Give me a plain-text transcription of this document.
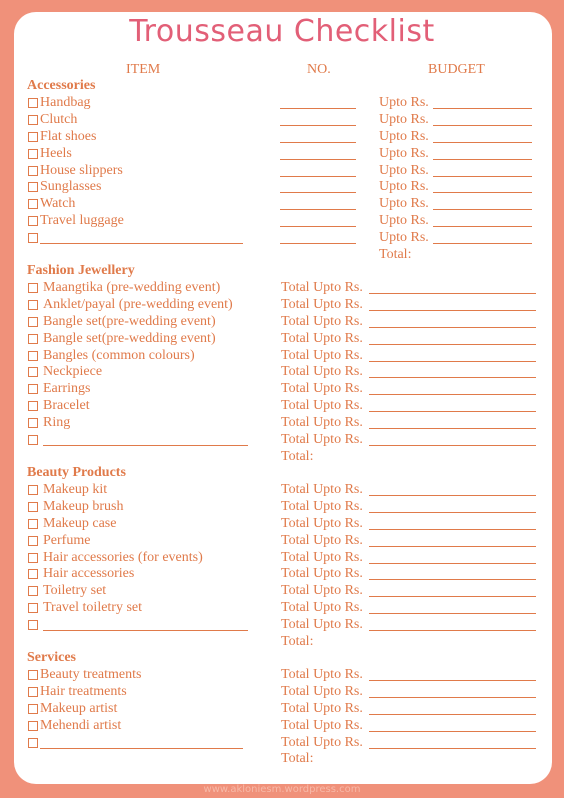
Trousseau Checklist
ITEM	NO.	BUDGET
Accessories
Handbag	Upto Rs.
Clutch	Upto Rs.
Flat shoes	Upto Rs.
Heels	Upto Rs.
House slippers	Upto Rs.
Sunglasses	Upto Rs.
Watch	Upto Rs.
Travel luggage	Upto Rs.
Upto Rs.
Total:
Fashion Jewellery
Maangtika (pre-wedding event)	Total Upto Rs.
Anklet/payal (pre-wedding event)	Total Upto Rs.
Bangle set(pre-wedding event)	Total Upto Rs.
Bangle set(pre-wedding event)	Total Upto Rs.
Bangles (common colours)	Total Upto Rs.
Neckpiece	Total Upto Rs.
Earrings	Total Upto Rs.
Bracelet	Total Upto Rs.
Ring	Total Upto Rs.
Total Upto Rs.
Total:
Beauty Products
Makeup kit	Total Upto Rs.
Makeup brush	Total Upto Rs.
Makeup case	Total Upto Rs.
Perfume	Total Upto Rs.
Hair accessories (for events)	Total Upto Rs.
Hair accessories	Total Upto Rs.
Toiletry set	Total Upto Rs.
Travel toiletry set	Total Upto Rs.
Total Upto Rs.
Total:
Services
Beauty treatments	Total Upto Rs.
Hair treatments	Total Upto Rs.
Makeup artist	Total Upto Rs.
Mehendi artist	Total Upto Rs.
Total Upto Rs.
Total:
www.akloniesm.wordpress.com
